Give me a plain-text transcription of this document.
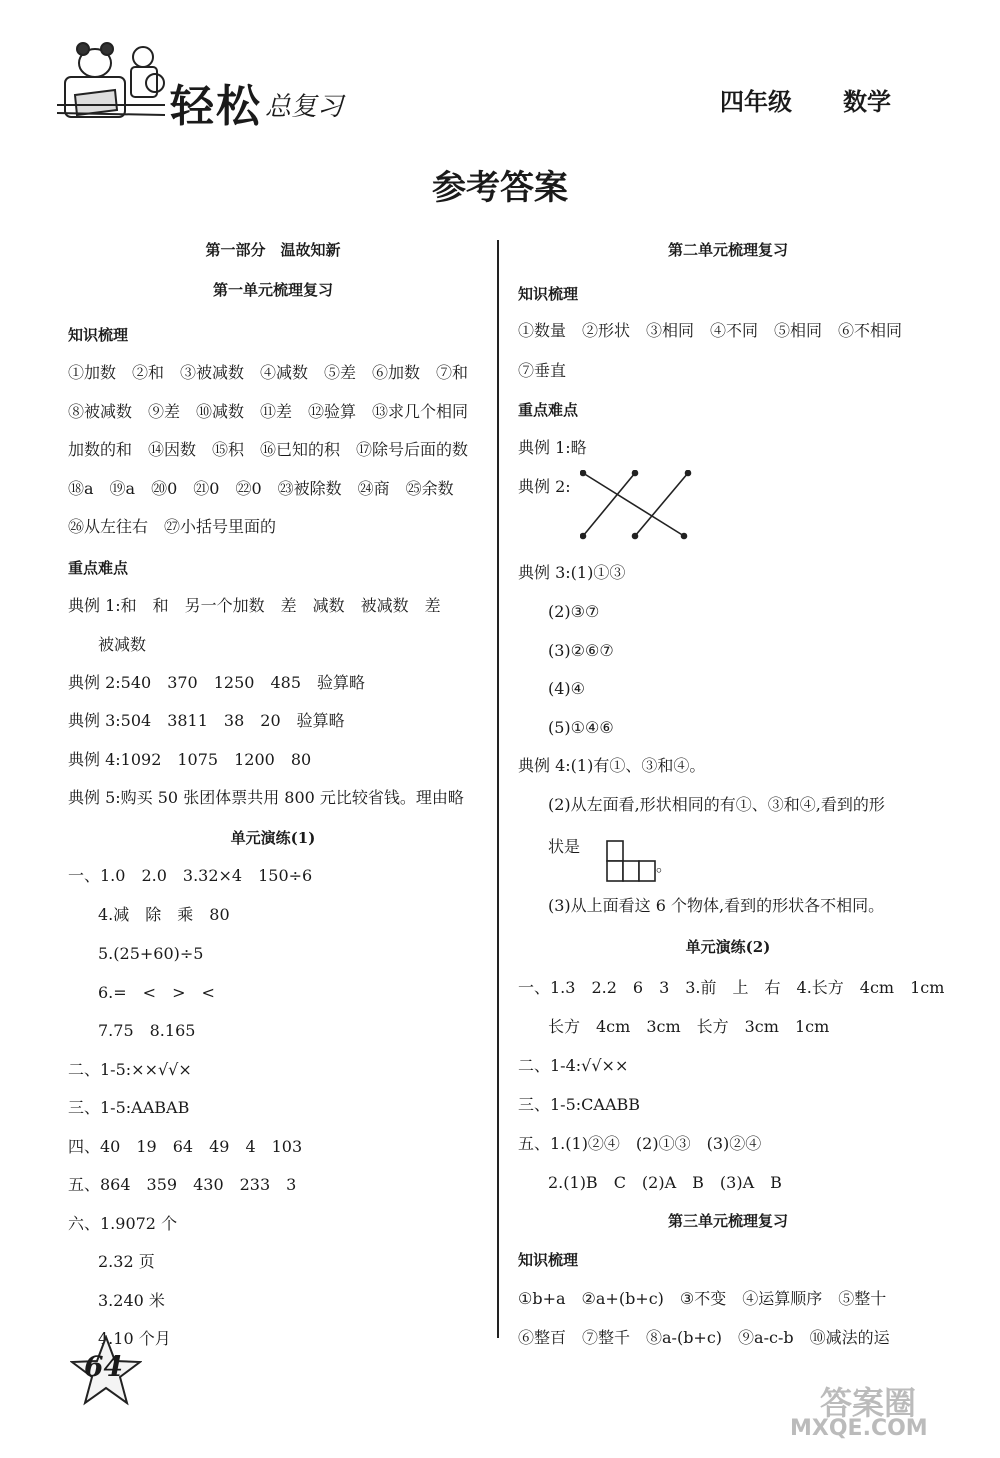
轻松 总复习	四年级 数学
参考答案
第一部分　温故知新
第一单元梳理复习
知识梳理
①加数　②和　③被减数　④减数　⑤差　⑥加数　⑦和
⑧被减数　⑨差　⑩减数　⑪差　⑫验算　⑬求几个相同
加数的和　⑭因数　⑮积　⑯已知的积　⑰除号后面的数
⑱a　⑲a　⑳0　㉑0　㉒0　㉓被除数　㉔商　㉕余数
㉖从左往右　㉗小括号里面的
重点难点
典例 1:和　和　另一个加数　差　减数　被减数　差
被减数
典例 2:540　370　1250　485　验算略
典例 3:504　3811　38　20　验算略
典例 4:1092　1075　1200　80
典例 5:购买 50 张团体票共用 800 元比较省钱。理由略
单元演练(1)
一、1.0　2.0　3.32×4　150÷6
4.减　除　乘　80
5.(25+60)÷5
6.=　<　>　<
7.75　8.165
二、1-5:××√√×
三、1-5:AABAB
四、40　19　64　49　4　103
五、864　359　430　233　3
六、1.9072 个
2.32 页
3.240 米
4.10 个月
第二单元梳理复习
知识梳理
①数量　②形状　③相同　④不同　⑤相同　⑥不相同
⑦垂直
重点难点
典例 1:略
典例 2:
典例 3:(1)①③
(2)③⑦
(3)②⑥⑦
(4)④
(5)①④⑥
典例 4:(1)有①、③和④。
(2)从左面看,形状相同的有①、③和④,看到的形
状是
(3)从上面看这 6 个物体,看到的形状各不相同。
单元演练(2)
一、1.3　2.2　6　3　3.前　上　右　4.长方　4cm　1cm
长方　4cm　3cm　长方　3cm　1cm
二、1-4:√√××
三、1-5:CAABB
五、1.(1)②④　(2)①③　(3)②④
2.(1)B　C　(2)A　B　(3)A　B
第三单元梳理复习
知识梳理
①b+a　②a+(b+c)　③不变　④运算顺序　⑤整十
⑥整百　⑦整千　⑧a-(b+c)　⑨a-c-b　⑩减法的运
。
64
答案圈
MXQE.COM
